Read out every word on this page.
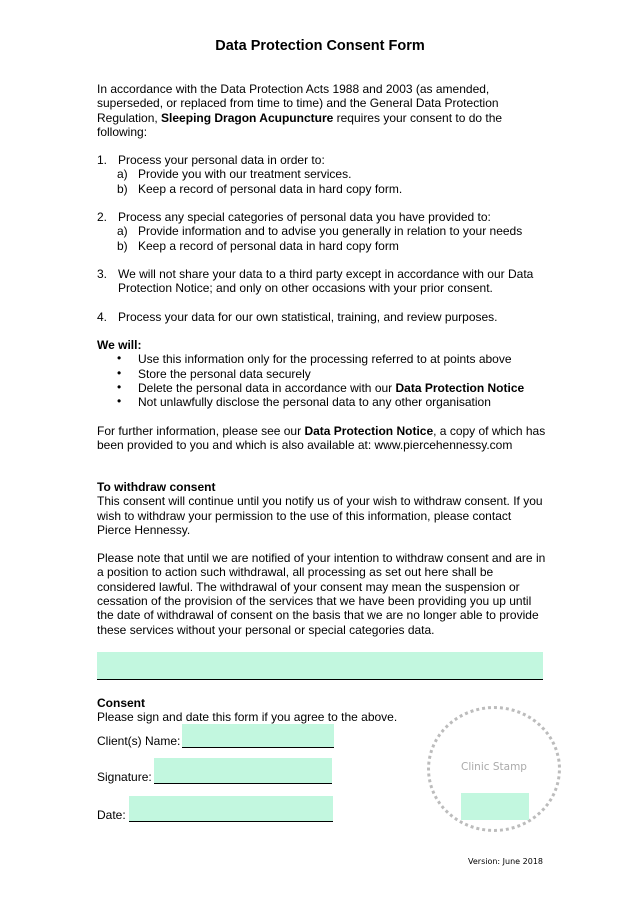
Data Protection Consent Form
In accordance with the Data Protection Acts 1988 and 2003 (as amended, superseded, or replaced from time to time) and the General Data Protection Regulation, Sleeping Dragon Acupuncture requires your consent to do the following:
1. Process your personal data in order to:
a) Provide you with our treatment services.
b) Keep a record of personal data in hard copy form.
2. Process any special categories of personal data you have provided to:
a) Provide information and to advise you generally in relation to your needs
b) Keep a record of personal data in hard copy form
3. We will not share your data to a third party except in accordance with our Data Protection Notice; and only on other occasions with your prior consent.
4. Process your data for our own statistical, training, and review purposes.
We will:
• Use this information only for the processing referred to at points above
• Store the personal data securely
• Delete the personal data in accordance with our Data Protection Notice
• Not unlawfully disclose the personal data to any other organisation
For further information, please see our Data Protection Notice, a copy of which has been provided to you and which is also available at: www.piercehennessy.com
To withdraw consent
This consent will continue until you notify us of your wish to withdraw consent. If you wish to withdraw your permission to the use of this information, please contact Pierce Hennessy.
Please note that until we are notified of your intention to withdraw consent and are in a position to action such withdrawal, all processing as set out here shall be considered lawful. The withdrawal of your consent may mean the suspension or cessation of the provision of the services that we have been providing you up until the date of withdrawal of consent on the basis that we are no longer able to provide these services without your personal or special categories data.
Consent
Please sign and date this form if you agree to the above.
Client(s) Name:
Signature:
Date:
Clinic Stamp
Version: June 2018
